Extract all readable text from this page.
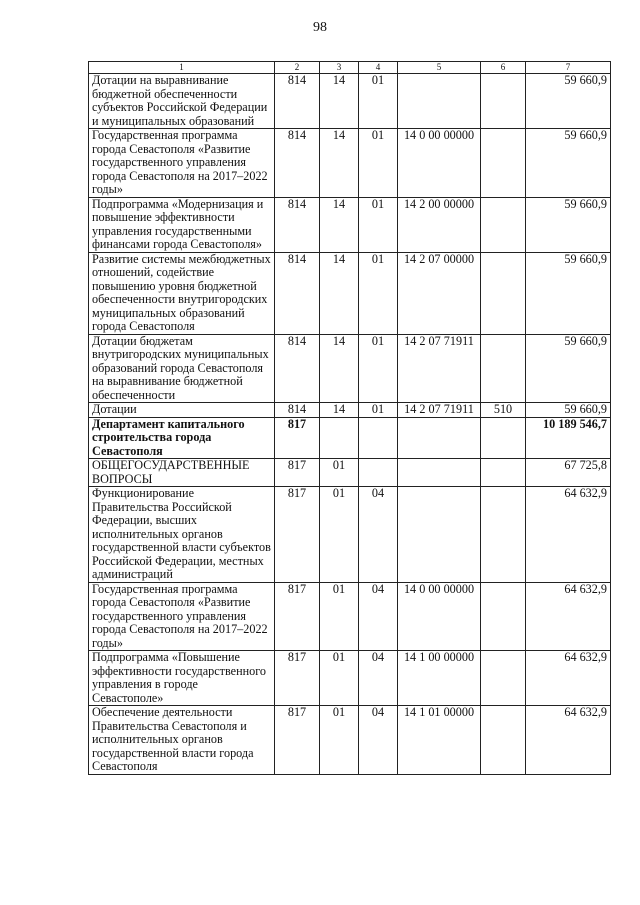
98
1	2	3	4	5	6	7
Дотации на выравнивание бюджетной обеспеченности субъектов Российской Федерации и муниципальных образований	814	14	01			59 660,9
Государственная программа города Севастополя «Развитие государственного управления города Севастополя на 2017–2022 годы»	814	14	01	14 0 00 00000		59 660,9
Подпрограмма «Модернизация и повышение эффективности управления государственными финансами города Севастополя»	814	14	01	14 2 00 00000		59 660,9
Развитие системы межбюджетных отношений, содействие повышению уровня бюджетной обеспеченности внутригородских муниципальных образований города Севастополя	814	14	01	14 2 07 00000		59 660,9
Дотации бюджетам внутригородских муниципальных образований города Севастополя на выравнивание бюджетной обеспеченности	814	14	01	14 2 07 71911		59 660,9
Дотации	814	14	01	14 2 07 71911	510	59 660,9
Департамент капитального строительства города Севастополя	817					10 189 546,7
ОБЩЕГОСУДАРСТВЕННЫЕ ВОПРОСЫ	817	01				67 725,8
Функционирование Правительства Российской Федерации, высших исполнительных органов государственной власти субъектов Российской Федерации, местных администраций	817	01	04			64 632,9
Государственная программа города Севастополя «Развитие государственного управления города Севастополя на 2017–2022 годы»	817	01	04	14 0 00 00000		64 632,9
Подпрограмма «Повышение эффективности государственного управления в городе Севастополе»	817	01	04	14 1 00 00000		64 632,9
Обеспечение деятельности Правительства Севастополя и исполнительных органов государственной власти города Севастополя	817	01	04	14 1 01 00000		64 632,9
